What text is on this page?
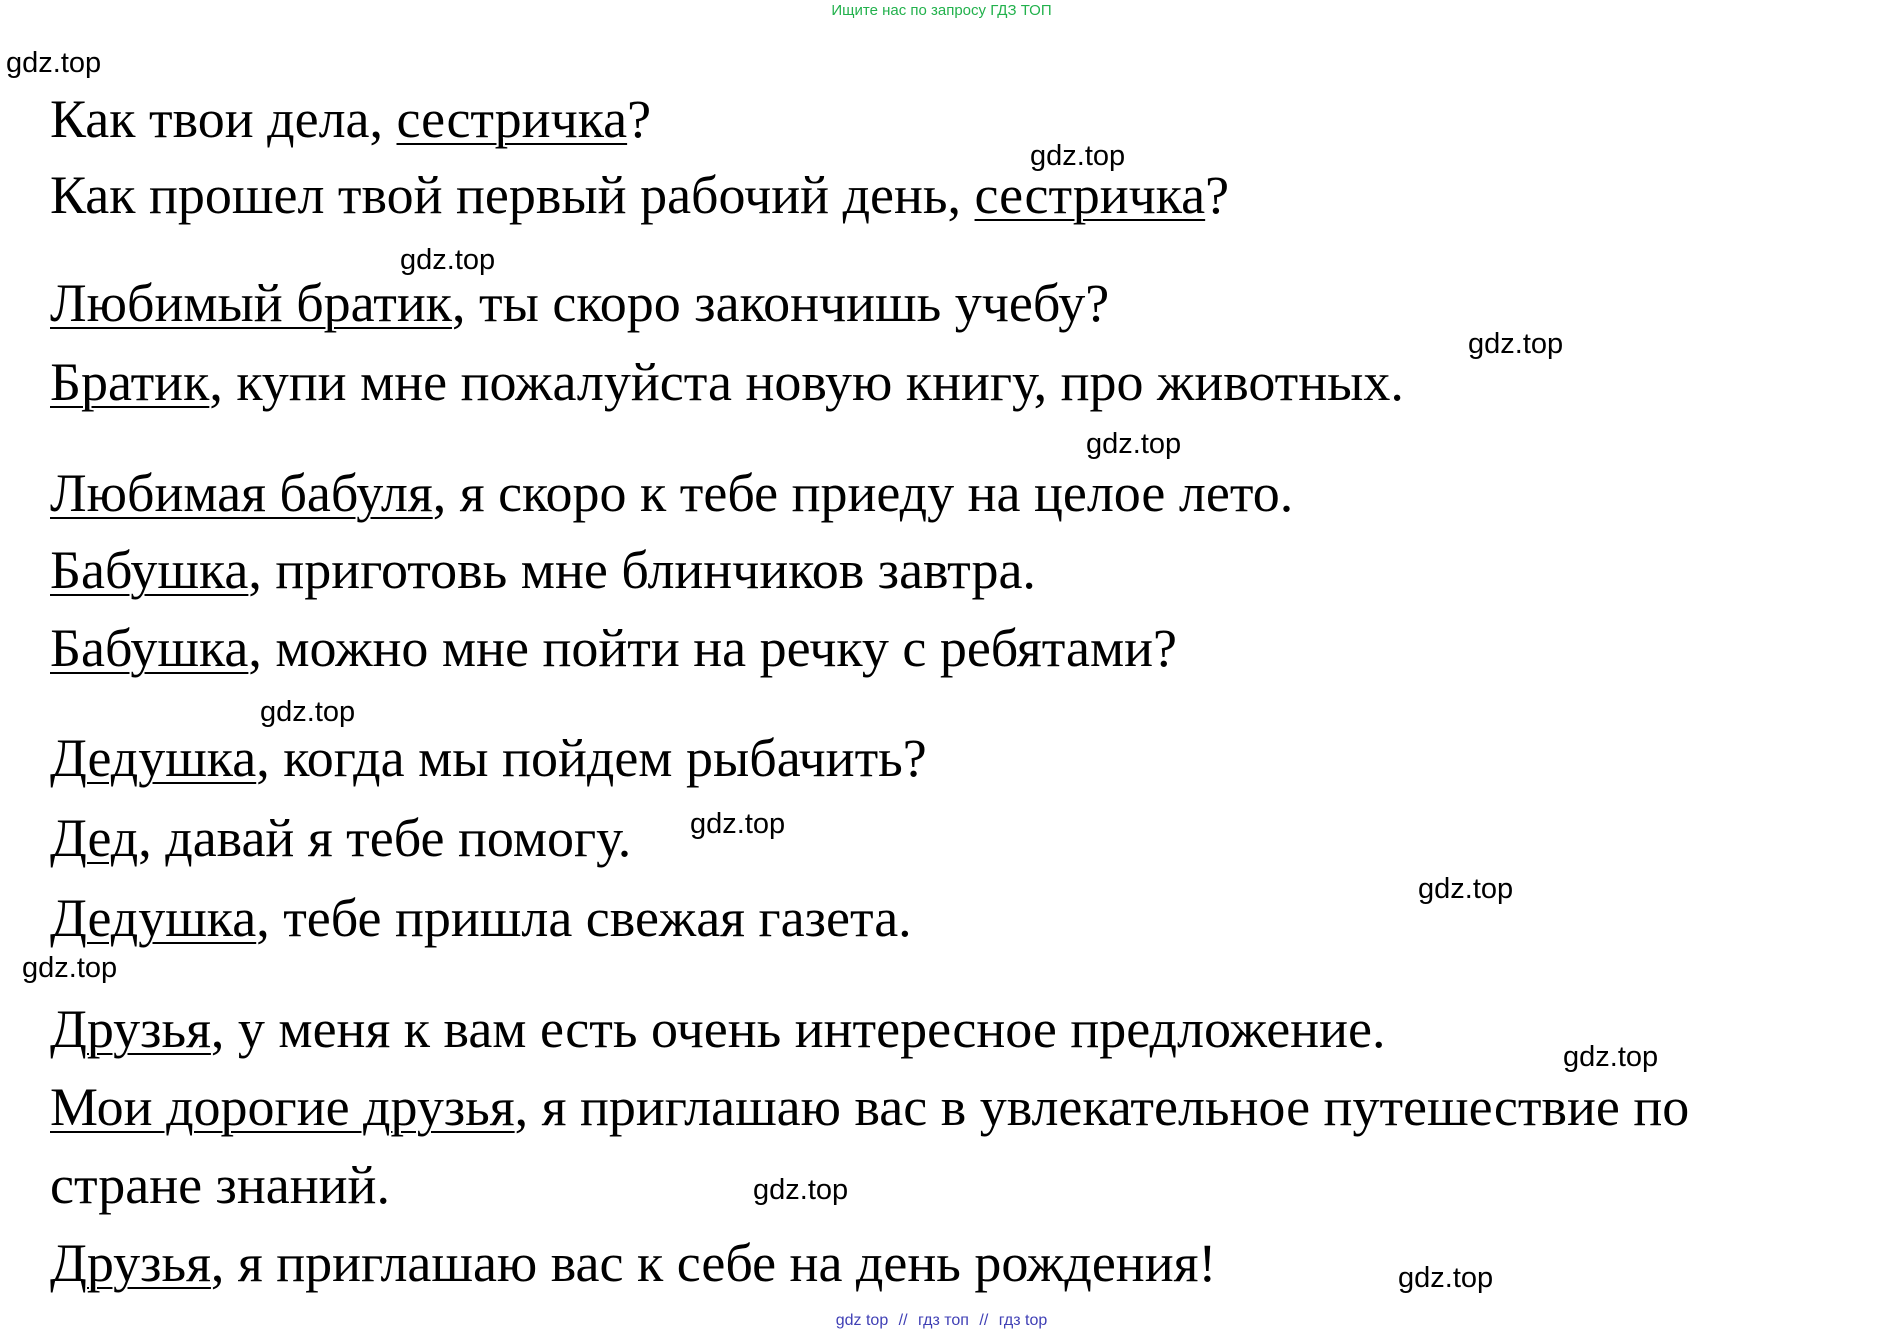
Ищите нас по запросу ГДЗ ТОП
Как твои дела, сестричка?
Как прошел твой первый рабочий день, сестричка?
Любимый братик, ты скоро закончишь учебу?
Братик, купи мне пожалуйста новую книгу, про животных.
Любимая бабуля, я скоро к тебе приеду на целое лето.
Бабушка, приготовь мне блинчиков завтра.
Бабушка, можно мне пойти на речку с ребятами?
Дедушка, когда мы пойдем рыбачить?
Дед, давай я тебе помогу.
Дедушка, тебе пришла свежая газета.
Друзья, у меня к вам есть очень интересное предложение.
Мои дорогие друзья, я приглашаю вас в увлекательное путешествие по
стране знаний.
Друзья, я приглашаю вас к себе на день рождения!
gdz.top
gdz.top
gdz.top
gdz.top
gdz.top
gdz.top
gdz.top
gdz.top
gdz.top
gdz.top
gdz.top
gdz.top
gdz top // гдз топ // гдз top
